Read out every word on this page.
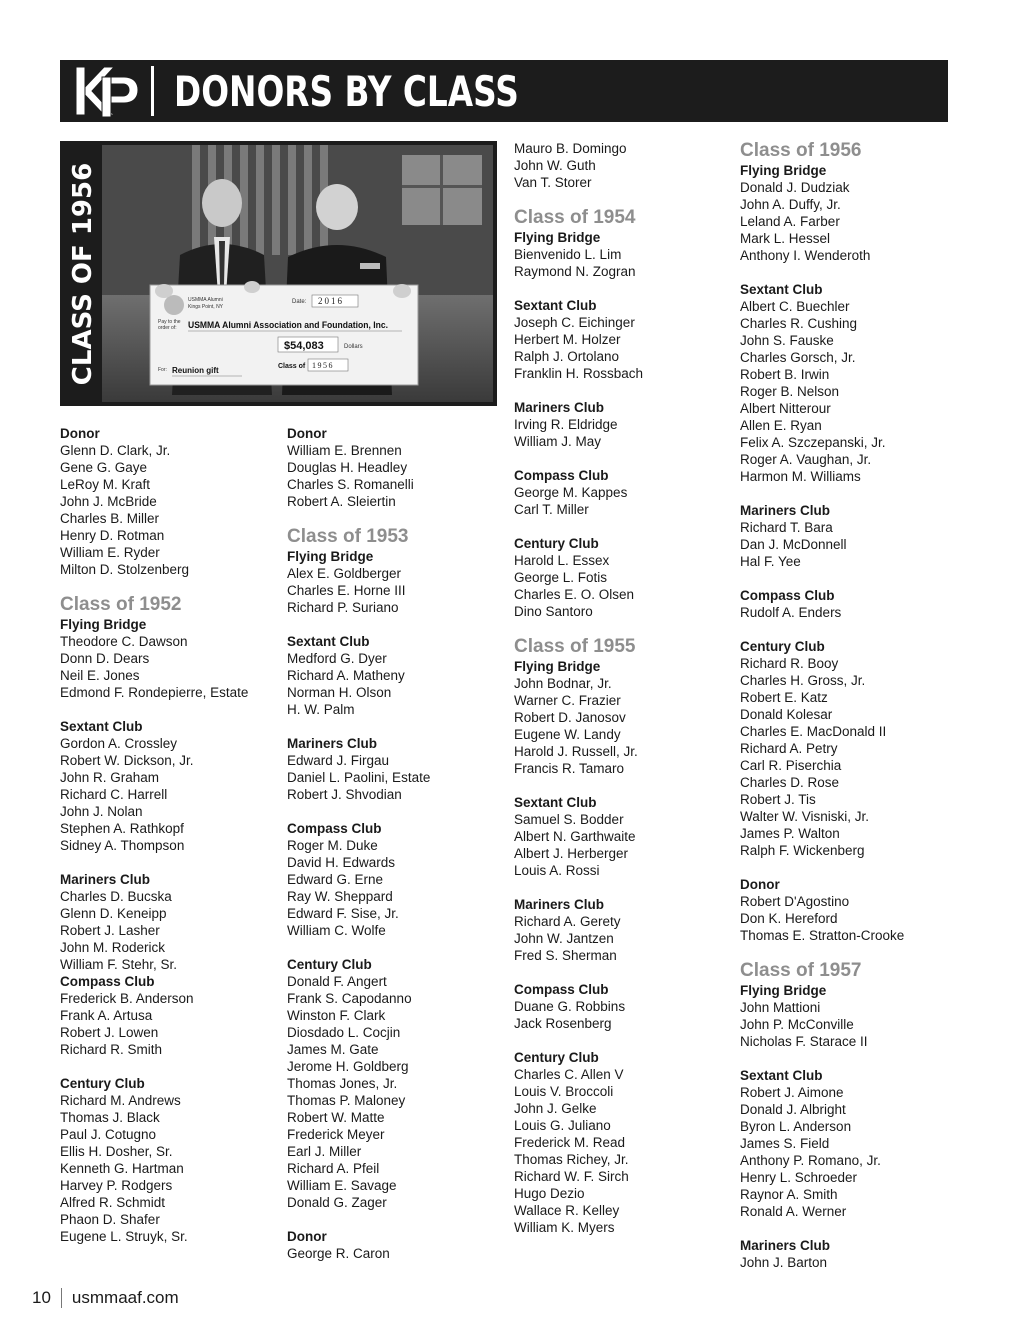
DONORS BY CLASS
CLASS OF 1956	USMMA Alumni
Kings Point, NY
Date: 2016
Pay to the
order of: USMMA Alumni Association and Foundation, Inc.
$54,083	Dollars
For: Reunion gift	Class of 1956
Donor
Glenn D. Clark, Jr.
Gene G. Gaye
LeRoy M. Kraft
John J. McBride
Charles B. Miller
Henry D. Rotman
William E. Ryder
Milton D. Stolzenberg
Class of 1952
Flying Bridge
Theodore C. Dawson
Donn D. Dears
Neil E. Jones
Edmond F. Rondepierre, Estate
Sextant Club
Gordon A. Crossley
Robert W. Dickson, Jr.
John R. Graham
Richard C. Harrell
John J. Nolan
Stephen A. Rathkopf
Sidney A. Thompson
Mariners Club
Charles D. Bucska
Glenn D. Keneipp
Robert J. Lasher
John M. Roderick
William F. Stehr, Sr.
Compass Club
Frederick B. Anderson
Frank A. Artusa
Robert J. Lowen
Richard R. Smith
Century Club
Richard M. Andrews
Thomas J. Black
Paul J. Cotugno
Ellis H. Dosher, Sr.
Kenneth G. Hartman
Harvey P. Rodgers
Alfred R. Schmidt
Phaon D. Shafer
Eugene L. Struyk, Sr.
Donor
William E. Brennen
Douglas H. Headley
Charles S. Romanelli
Robert A. Sleiertin
Class of 1953
Flying Bridge
Alex E. Goldberger
Charles E. Horne III
Richard P. Suriano
Sextant Club
Medford G. Dyer
Richard A. Matheny
Norman H. Olson
H. W. Palm
Mariners Club
Edward J. Firgau
Daniel L. Paolini, Estate
Robert J. Shvodian
Compass Club
Roger M. Duke
David H. Edwards
Edward G. Erne
Ray W. Sheppard
Edward F. Sise, Jr.
William C. Wolfe
Century Club
Donald F. Angert
Frank S. Capodanno
Winston F. Clark
Diosdado L. Cocjin
James M. Gate
Jerome H. Goldberg
Thomas Jones, Jr.
Thomas P. Maloney
Robert W. Matte
Frederick Meyer
Earl J. Miller
Richard A. Pfeil
William E. Savage
Donald G. Zager
Donor
George R. Caron
Mauro B. Domingo
John W. Guth
Van T. Storer
Class of 1954
Flying Bridge
Bienvenido L. Lim
Raymond N. Zogran
Sextant Club
Joseph C. Eichinger
Herbert M. Holzer
Ralph J. Ortolano
Franklin H. Rossbach
Mariners Club
Irving R. Eldridge
William J. May
Compass Club
George M. Kappes
Carl T. Miller
Century Club
Harold L. Essex
George L. Fotis
Charles E. O. Olsen
Dino Santoro
Class of 1955
Flying Bridge
John Bodnar, Jr.
Warner C. Frazier
Robert D. Janosov
Eugene W. Landy
Harold J. Russell, Jr.
Francis R. Tamaro
Sextant Club
Samuel S. Bodder
Albert N. Garthwaite
Albert J. Herberger
Louis A. Rossi
Mariners Club
Richard A. Gerety
John W. Jantzen
Fred S. Sherman
Compass Club
Duane G. Robbins
Jack Rosenberg
Century Club
Charles C. Allen V
Louis V. Broccoli
John J. Gelke
Louis G. Juliano
Frederick M. Read
Thomas Richey, Jr.
Richard W. F. Sirch
Hugo Dezio
Wallace R. Kelley
William K. Myers
Class of 1956
Flying Bridge
Donald J. Dudziak
John A. Duffy, Jr.
Leland A. Farber
Mark L. Hessel
Anthony I. Wenderoth
Sextant Club
Albert C. Buechler
Charles R. Cushing
John S. Fauske
Charles Gorsch, Jr.
Robert B. Irwin
Roger B. Nelson
Albert Nitterour
Allen E. Ryan
Felix A. Szczepanski, Jr.
Roger A. Vaughan, Jr.
Harmon M. Williams
Mariners Club
Richard T. Bara
Dan J. McDonnell
Hal F. Yee
Compass Club
Rudolf A. Enders
Century Club
Richard R. Booy
Charles H. Gross, Jr.
Robert E. Katz
Donald Kolesar
Charles E. MacDonald II
Richard A. Petry
Carl R. Piserchia
Charles D. Rose
Robert J. Tis
Walter W. Visniski, Jr.
James P. Walton
Ralph F. Wickenberg
Donor
Robert D'Agostino
Don K. Hereford
Thomas E. Stratton-Crooke
Class of 1957
Flying Bridge
John Mattioni
John P. McConville
Nicholas F. Starace II
Sextant Club
Robert J. Aimone
Donald J. Albright
Byron L. Anderson
James S. Field
Anthony P. Romano, Jr.
Henry L. Schroeder
Raynor A. Smith
Ronald A. Werner
Mariners Club
John J. Barton
10 usmmaaf.com
